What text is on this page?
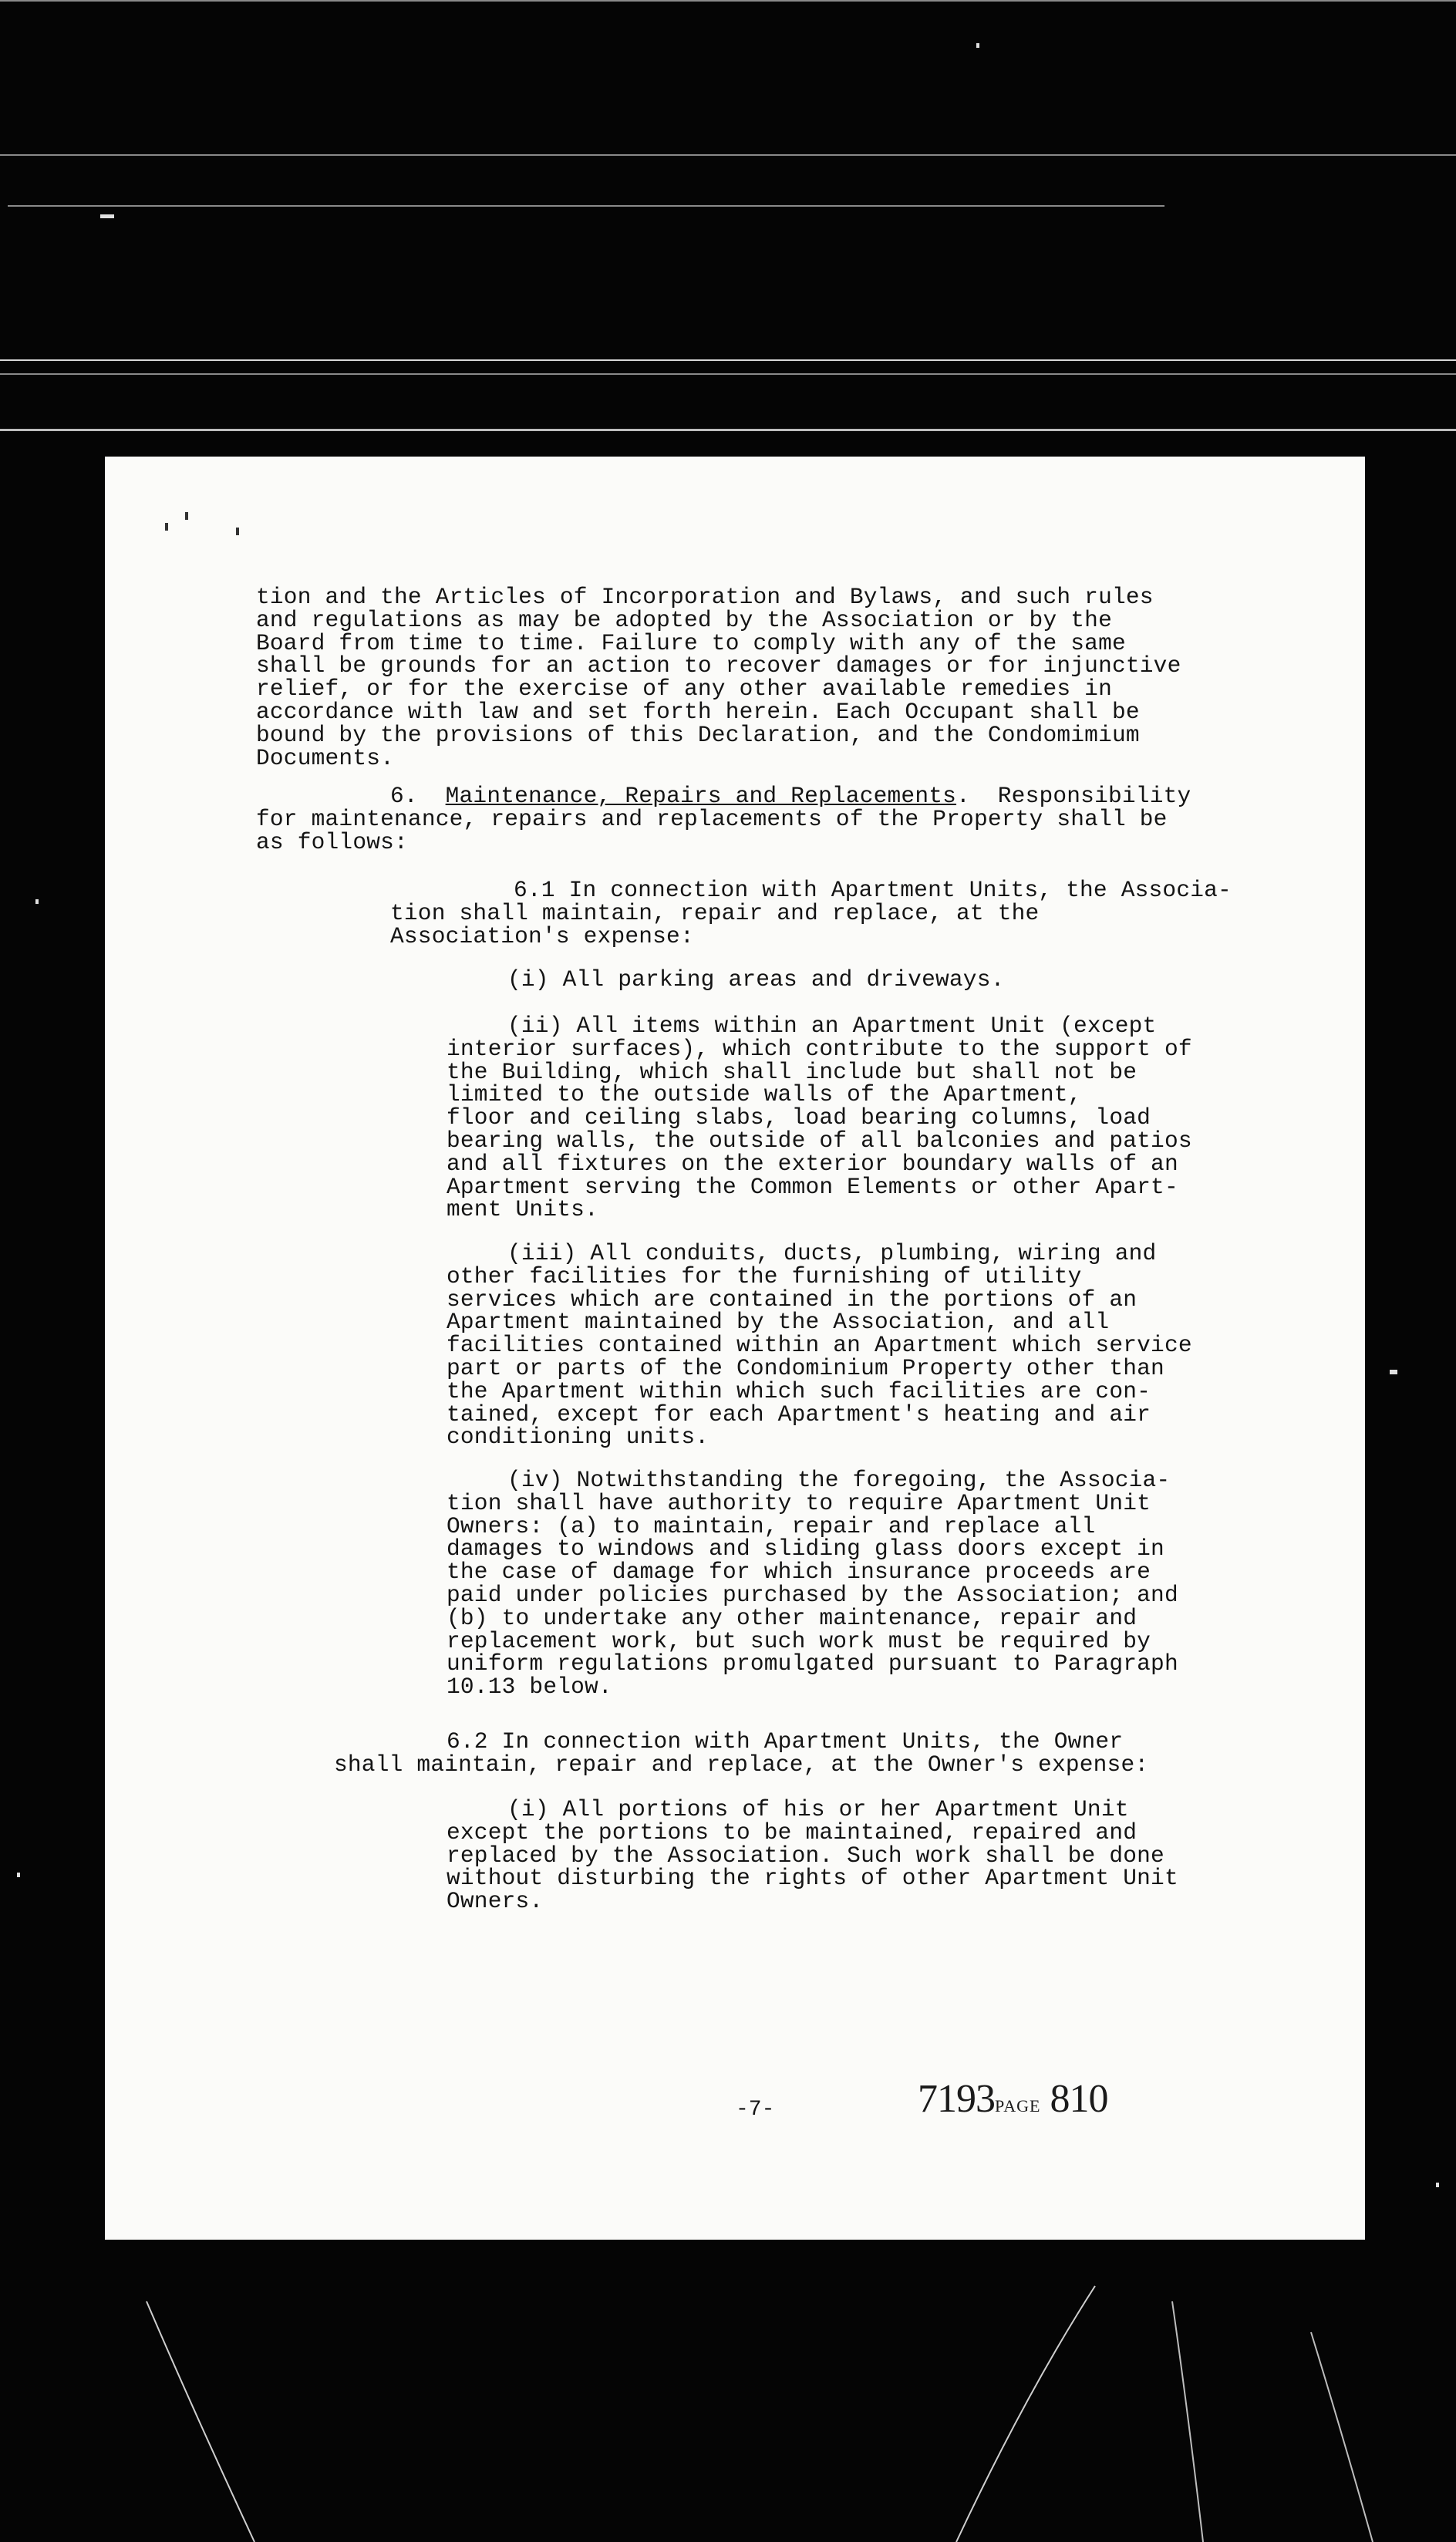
tion and the Articles of Incorporation and Bylaws, and such rules
and regulations as may be adopted by the Association or by the
Board from time to time. Failure to comply with any of the same
shall be grounds for an action to recover damages or for injunctive
relief, or for the exercise of any other available remedies in
accordance with law and set forth herein. Each Occupant shall be
bound by the provisions of this Declaration, and the Condomimium
Documents.
6. Maintenance, Repairs and Replacements.  Responsibility
for maintenance, repairs and replacements of the Property shall be
as follows:
6.1 In connection with Apartment Units, the Associa-
tion shall maintain, repair and replace, at the
Association's expense:
(i) All parking areas and driveways.
(ii) All items within an Apartment Unit (except
interior surfaces), which contribute to the support of
the Building, which shall include but shall not be
limited to the outside walls of the Apartment,
floor and ceiling slabs, load bearing columns, load
bearing walls, the outside of all balconies and patios
and all fixtures on the exterior boundary walls of an
Apartment serving the Common Elements or other Apart-
ment Units.
(iii) All conduits, ducts, plumbing, wiring and
other facilities for the furnishing of utility
services which are contained in the portions of an
Apartment maintained by the Association, and all
facilities contained within an Apartment which service
part or parts of the Condominium Property other than
the Apartment within which such facilities are con-
tained, except for each Apartment's heating and air
conditioning units.
(iv) Notwithstanding the foregoing, the Associa-
tion shall have authority to require Apartment Unit
Owners: (a) to maintain, repair and replace all
damages to windows and sliding glass doors except in
the case of damage for which insurance proceeds are
paid under policies purchased by the Association; and
(b) to undertake any other maintenance, repair and
replacement work, but such work must be required by
uniform regulations promulgated pursuant to Paragraph
10.13 below.
6.2 In connection with Apartment Units, the Owner
shall maintain, repair and replace, at the Owner's expense:
(i) All portions of his or her Apartment Unit
except the portions to be maintained, repaired and
replaced by the Association. Such work shall be done
without disturbing the rights of other Apartment Unit
Owners.
-7-	7193PAGE 810
